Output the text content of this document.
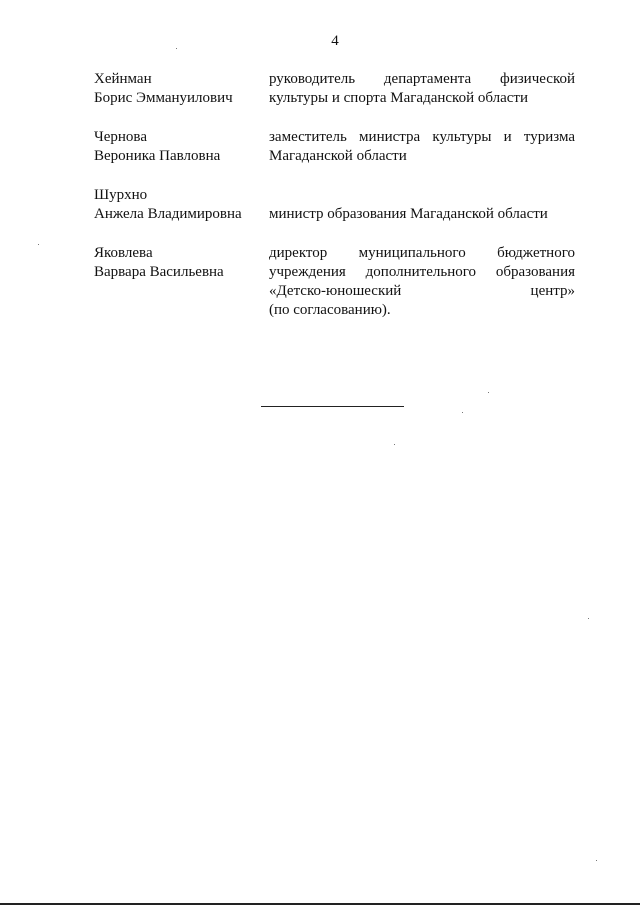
4
Хейнман
Борис Эммануилович
руководитель департамента физической
культуры и спорта Магаданской области
Чернова
Вероника Павловна
заместитель министра культуры и туризма
Магаданской области
Шурхно
Анжела Владимировна	министр образования Магаданской области
Яковлева
Варвара Васильевна
директор муниципального бюджетного
учреждения дополнительного образования
«Детско-юношеский центр»
(по согласованию).
